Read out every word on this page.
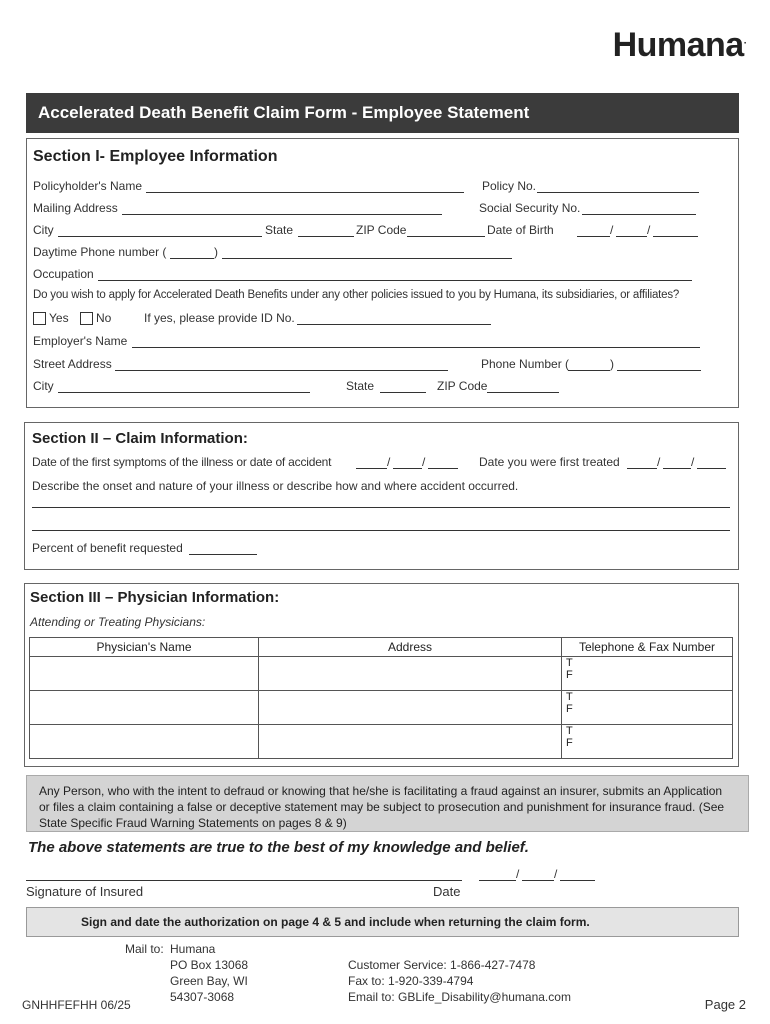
Humana.
Accelerated Death Benefit Claim Form - Employee Statement
Section I- Employee Information
Policyholder's Name	Policy No.
Mailing Address	Social Security No.
City	State	ZIP Code	Date of Birth	/	/
Daytime Phone number (	)
Occupation
Do you wish to apply for Accelerated Death Benefits under any other policies issued to you by Humana, its subsidiaries, or affiliates?
Yes	No	If yes, please provide ID No.
Employer's Name
Street Address	Phone Number (	)
City	State	ZIP Code
Section II – Claim Information:
Date of the first symptoms of the illness or date of accident	/	/	Date you were first treated	/	/
Describe the onset and nature of your illness or describe how and where accident occurred.
Percent of benefit requested
Section III – Physician Information:
Attending or Treating Physicians:
Physician's Name	Address	Telephone & Fax Number

		T
F

		T
F

		T
F
Any Person, who with the intent to defraud or knowing that he/she is facilitating a fraud against an insurer, submits an Application or files a claim containing a false or deceptive statement may be subject to prosecution and punishment for insurance fraud. (See State Specific Fraud Warning Statements on pages 8 & 9)
The above statements are true to the best of my knowledge and belief.
Signature of Insured
/	/
Date
Sign and date the authorization on page 4 & 5 and include when returning the claim form.
Mail to: Humana
PO Box 13068
Green Bay, WI
54307-3068
Customer Service: 1-866-427-7478
Fax to: 1-920-339-4794
Email to: GBLife_Disability@humana.com
GNHHFEFHH 06/25	Page 2
